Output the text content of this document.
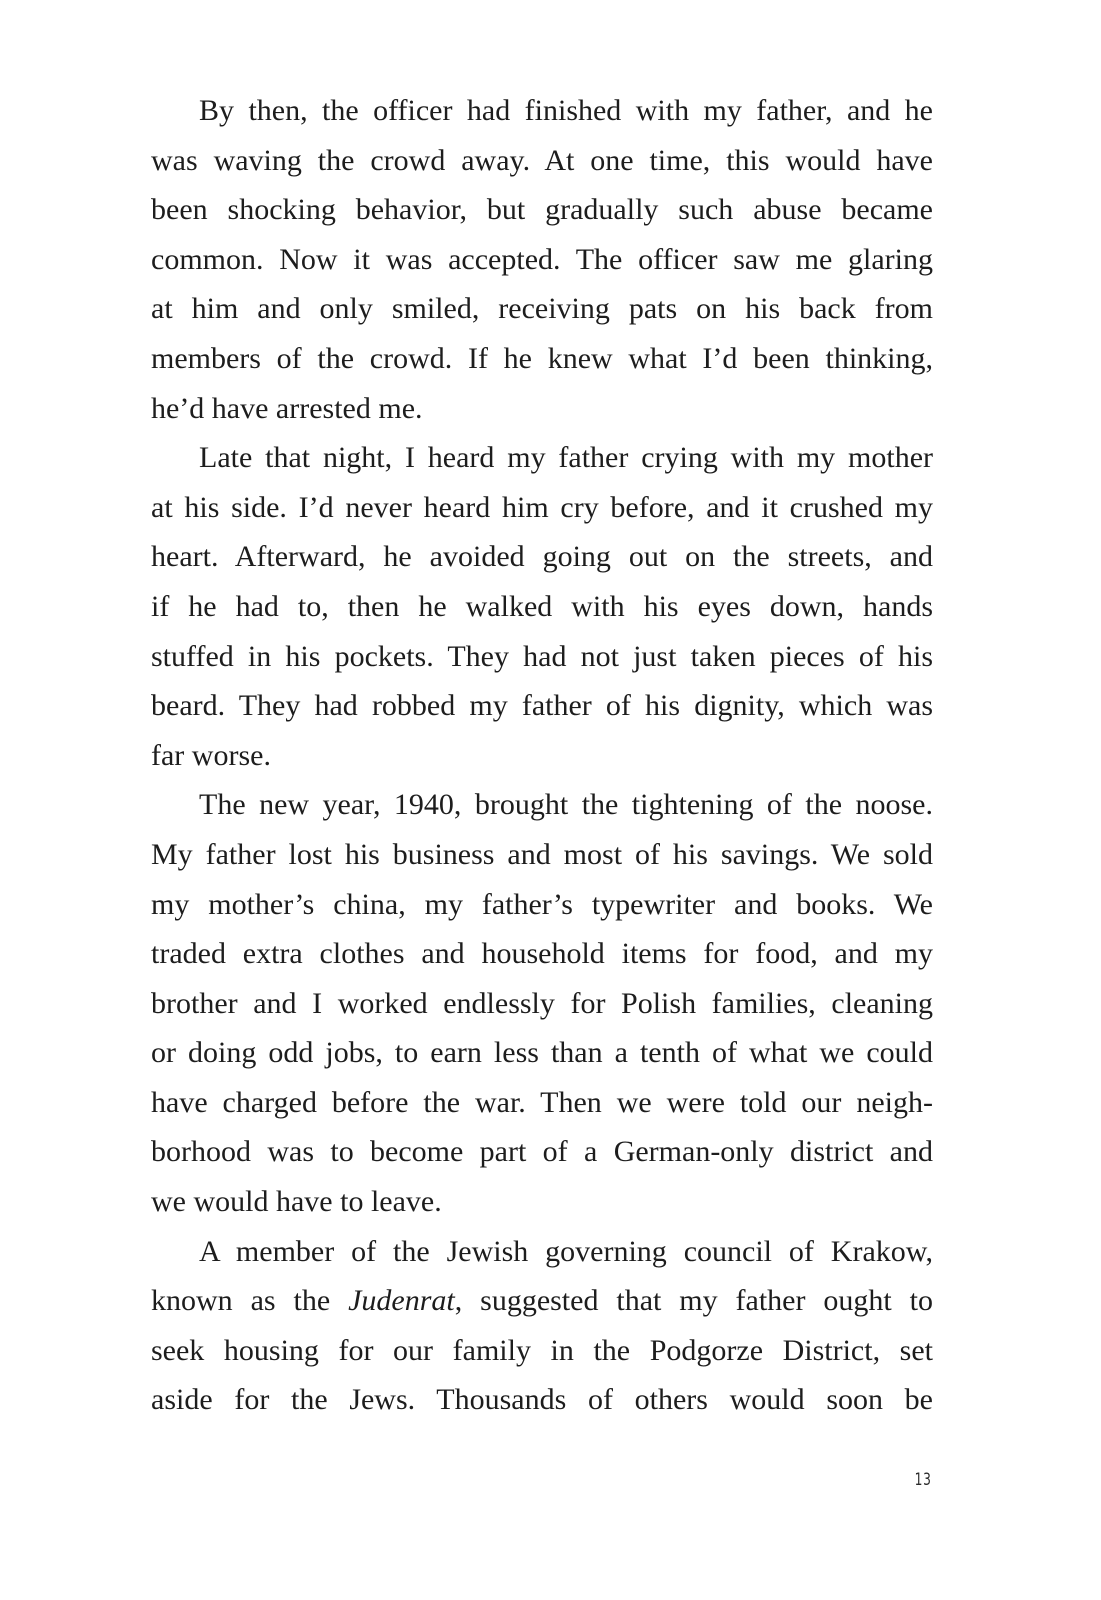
By then, the officer had finished with my father, and he
was waving the crowd away. At one time, this would have
been shocking behavior, but gradually such abuse became
common. Now it was accepted. The officer saw me glaring
at him and only smiled, receiving pats on his back from
members of the crowd. If he knew what I’d been thinking,
he’d have arrested me.

Late that night, I heard my father crying with my mother
at his side. I’d never heard him cry before, and it crushed my
heart. Afterward, he avoided going out on the streets, and
if he had to, then he walked with his eyes down, hands
stuffed in his pockets. They had not just taken pieces of his
beard. They had robbed my father of his dignity, which was
far worse.

The new year, 1940, brought the tightening of the noose.
My father lost his business and most of his savings. We sold
my mother’s china, my father’s typewriter and books. We
traded extra clothes and household items for food, and my
brother and I worked endlessly for Polish families, cleaning
or doing odd jobs, to earn less than a tenth of what we could
have charged before the war. Then we were told our neigh-
borhood was to become part of a German-only district and
we would have to leave.

A member of the Jewish governing council of Krakow,
known as the Judenrat, suggested that my father ought to
seek housing for our family in the Podgorze District, set
aside for the Jews. Thousands of others would soon be

13
